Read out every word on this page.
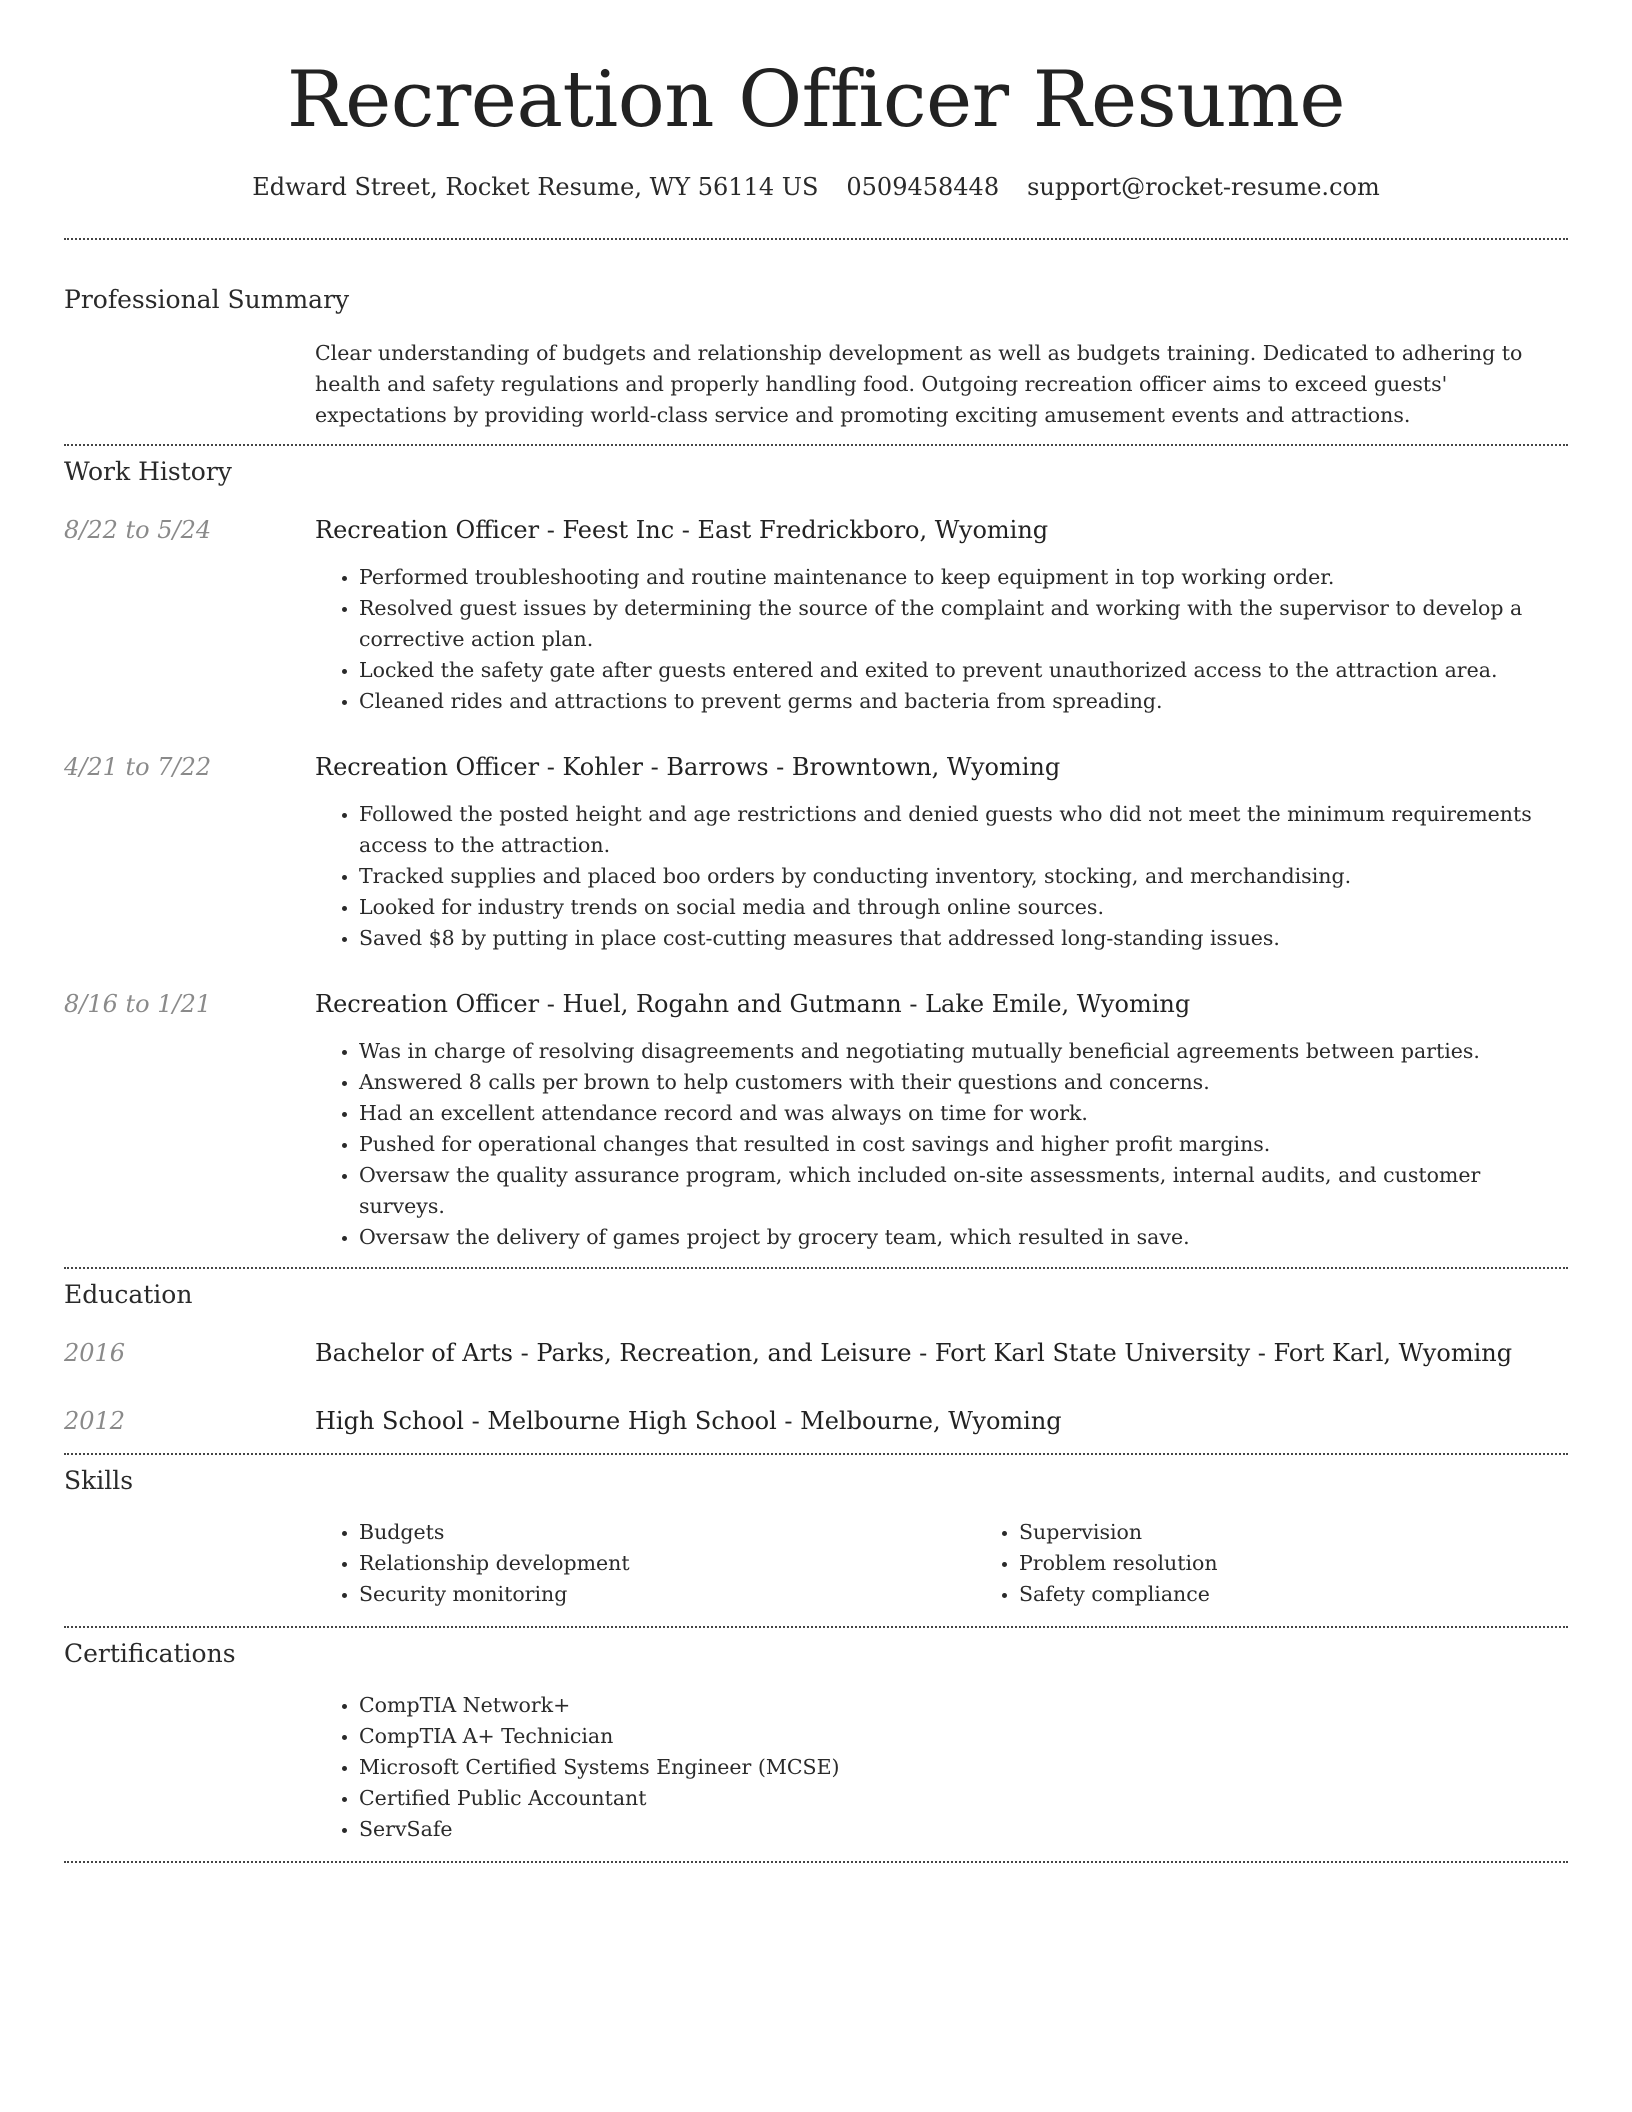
Recreation Officer Resume
Edward Street, Rocket Resume, WY 56114 US 0509458448 support@rocket-resume.com
Professional Summary
Clear understanding of budgets and relationship development as well as budgets training. Dedicated to adhering to health and safety regulations and properly handling food. Outgoing recreation officer aims to exceed guests' expectations by providing world-class service and promoting exciting amusement events and attractions.
Work History
8/22 to 5/24	Recreation Officer - Feest Inc - East Fredrickboro, Wyoming
• Performed troubleshooting and routine maintenance to keep equipment in top working order.
• Resolved guest issues by determining the source of the complaint and working with the supervisor to develop a corrective action plan.
• Locked the safety gate after guests entered and exited to prevent unauthorized access to the attraction area.
• Cleaned rides and attractions to prevent germs and bacteria from spreading.
4/21 to 7/22	Recreation Officer - Kohler - Barrows - Browntown, Wyoming
• Followed the posted height and age restrictions and denied guests who did not meet the minimum requirements access to the attraction.
• Tracked supplies and placed boo orders by conducting inventory, stocking, and merchandising.
• Looked for industry trends on social media and through online sources.
• Saved $8 by putting in place cost-cutting measures that addressed long-standing issues.
8/16 to 1/21	Recreation Officer - Huel, Rogahn and Gutmann - Lake Emile, Wyoming
• Was in charge of resolving disagreements and negotiating mutually beneficial agreements between parties.
• Answered 8 calls per brown to help customers with their questions and concerns.
• Had an excellent attendance record and was always on time for work.
• Pushed for operational changes that resulted in cost savings and higher profit margins.
• Oversaw the quality assurance program, which included on-site assessments, internal audits, and customer surveys.
• Oversaw the delivery of games project by grocery team, which resulted in save.
Education
2016	Bachelor of Arts - Parks, Recreation, and Leisure - Fort Karl State University - Fort Karl, Wyoming
2012	High School - Melbourne High School - Melbourne, Wyoming
Skills
• Budgets
• Relationship development
• Security monitoring
• Supervision
• Problem resolution
• Safety compliance
Certifications
• CompTIA Network+
• CompTIA A+ Technician
• Microsoft Certified Systems Engineer (MCSE)
• Certified Public Accountant
• ServSafe
